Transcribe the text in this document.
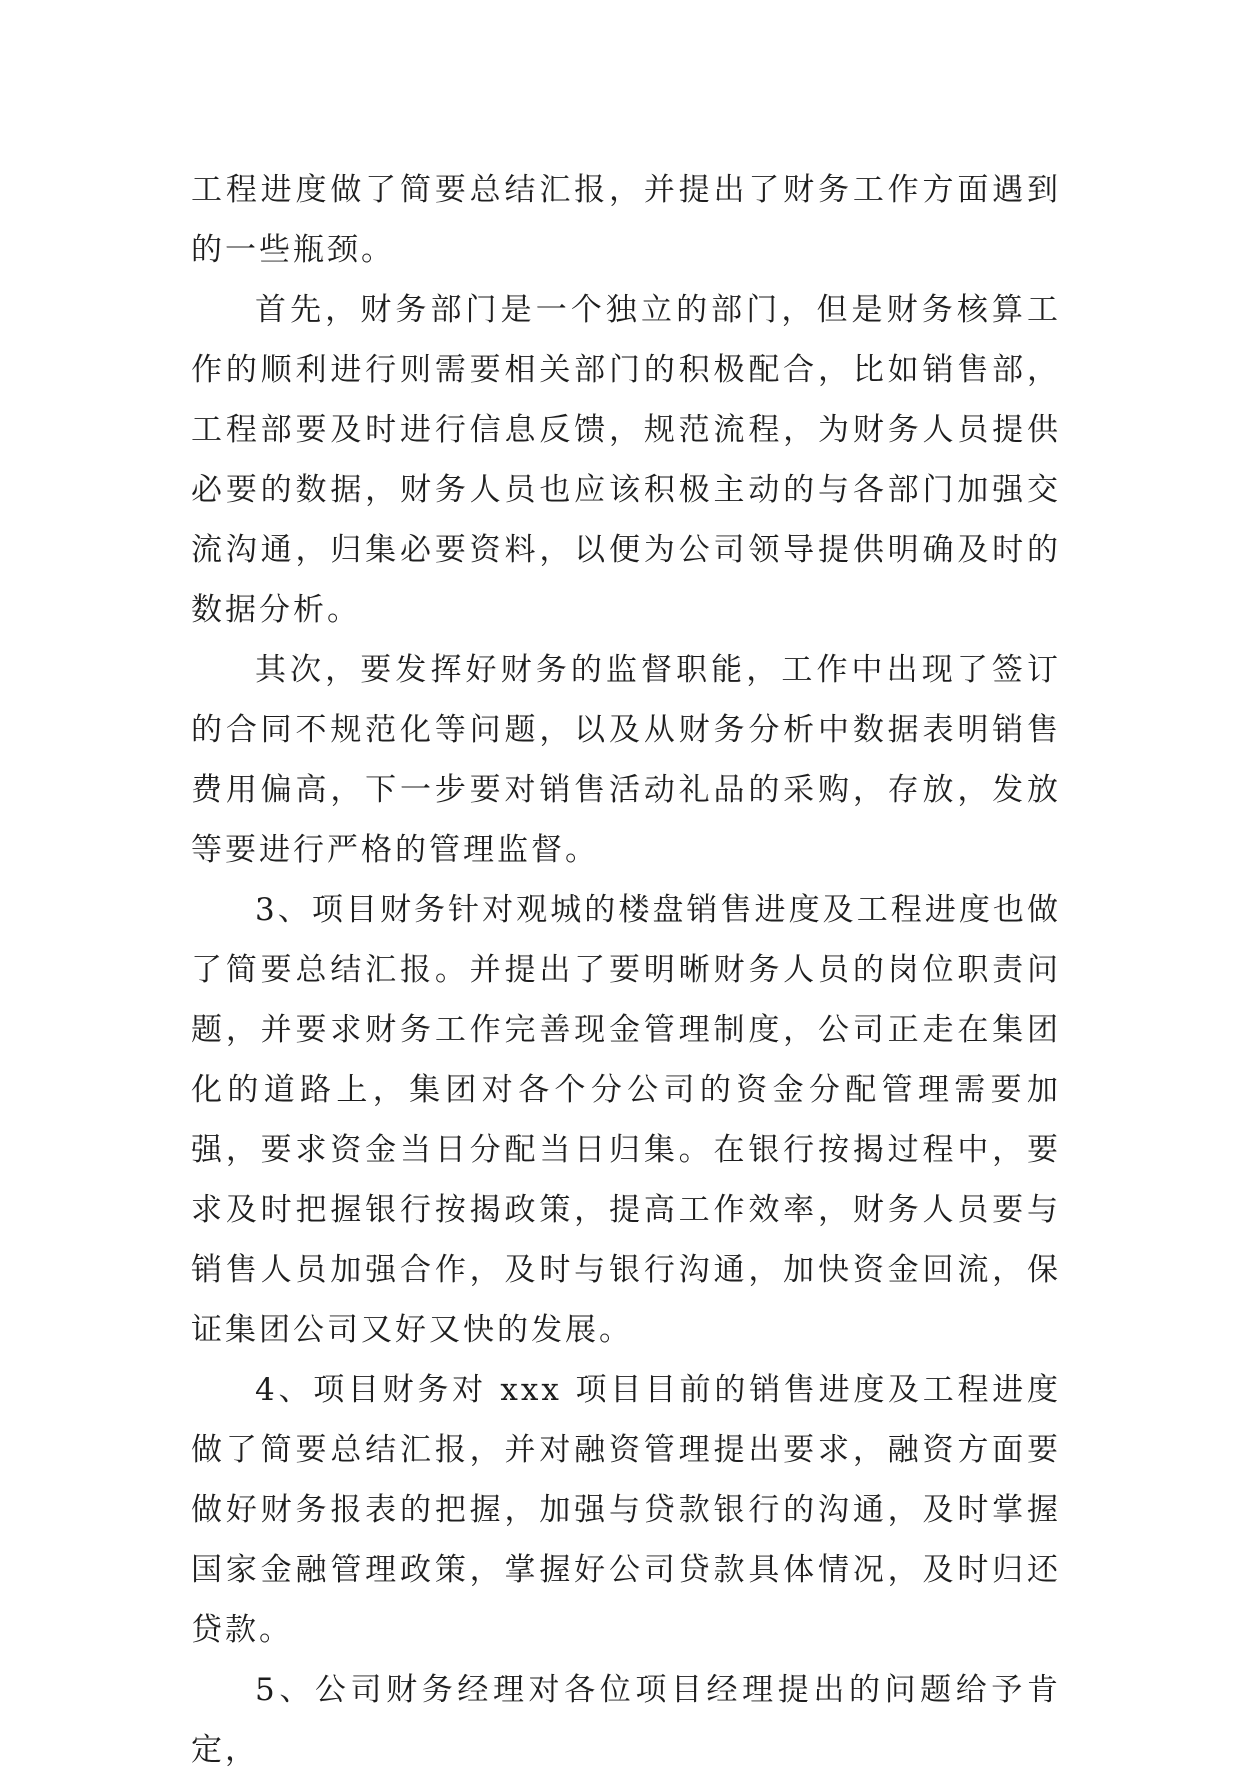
工程进度做了简要总结汇报，并提出了财务工作方面遇到的一些瓶颈。

首先，财务部门是一个独立的部门，但是财务核算工作的顺利进行则需要相关部门的积极配合，比如销售部，工程部要及时进行信息反馈，规范流程，为财务人员提供必要的数据，财务人员也应该积极主动的与各部门加强交流沟通，归集必要资料，以便为公司领导提供明确及时的数据分析。

其次，要发挥好财务的监督职能，工作中出现了签订的合同不规范化等问题，以及从财务分析中数据表明销售费用偏高，下一步要对销售活动礼品的采购，存放，发放等要进行严格的管理监督。

3、项目财务针对观城的楼盘销售进度及工程进度也做了简要总结汇报。并提出了要明晰财务人员的岗位职责问题，并要求财务工作完善现金管理制度，公司正走在集团化的道路上，集团对各个分公司的资金分配管理需要加强，要求资金当日分配当日归集。在银行按揭过程中，要求及时把握银行按揭政策，提高工作效率，财务人员要与销售人员加强合作，及时与银行沟通，加快资金回流，保证集团公司又好又快的发展。

4、项目财务对 xxx 项目目前的销售进度及工程进度做了简要总结汇报，并对融资管理提出要求，融资方面要做好财务报表的把握，加强与贷款银行的沟通，及时掌握国家金融管理政策，掌握好公司贷款具体情况，及时归还贷款。

5、公司财务经理对各位项目经理提出的问题给予肯定，
